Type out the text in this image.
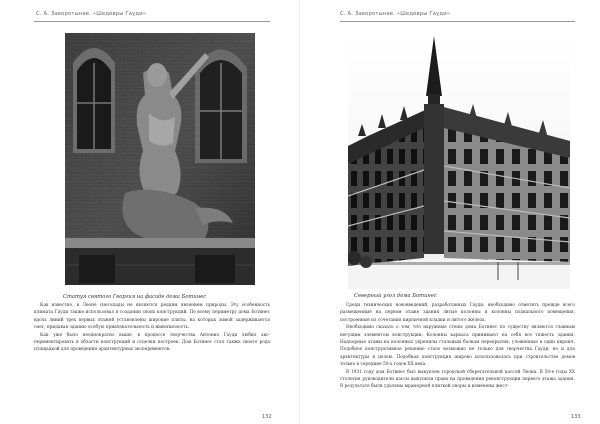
С. А. Заворотынев. «Шедевры Гауди»
Статуя святого Георгия на фасаде дома Ботинес

Как известно, в Леоне снегопады не являются редким явлением природы. Эту особенность климата Гауди также использовал в создании своих конструкций. По всему периметру дома Ботинес вдоль линий трех первых этажей установлены широкие плиты, на которых зимой задерживается снег, придавая зданию особую привлекательность и живописность.

Как уже было неоднократно выше, в процессе творчества Антонио Гауди любил экспериментировать в области конструкций и отделки построек. Дом Ботинес стал также своего рода площадкой для проведения архитектурных экспериментов.

132
С. А. Заворотынев. «Шедевры Гауди»
Северный угол дома Ботинес

Среди технических нововведений, разработанных Гауди, необходимо отметить прежде всего размещенные на первом этаже здания литые колонны и колонны подвального помещения, построенные из сочетания кирпичной кладки и литого железа.

Необходимо сказать о том, что наружные стены дома Ботинес по существу являются главным несущим элементом конструкции. Колонны каркаса принимают на себя все тяжесть здания. Надпорные этажи на колонных укрепилы стальным балкам перекрытия, уложенные в один кирпич. Подобное конструктивное решение стало возможно не только для творчества Гауди, но и для архитектуры в целом. Подобная конструкция широко использовалась при строительстве домов только в середине 50-х годов XX века.

В 1931 году дом Ботинес был выкуплен городской сберегательной кассой Леона. В 50-е годы XX столетия руководители кассы выкупили право на проведения реконструкции первого этажа здания. В результате были удалены мраморной плиткой опоры и изменены жест-

133
